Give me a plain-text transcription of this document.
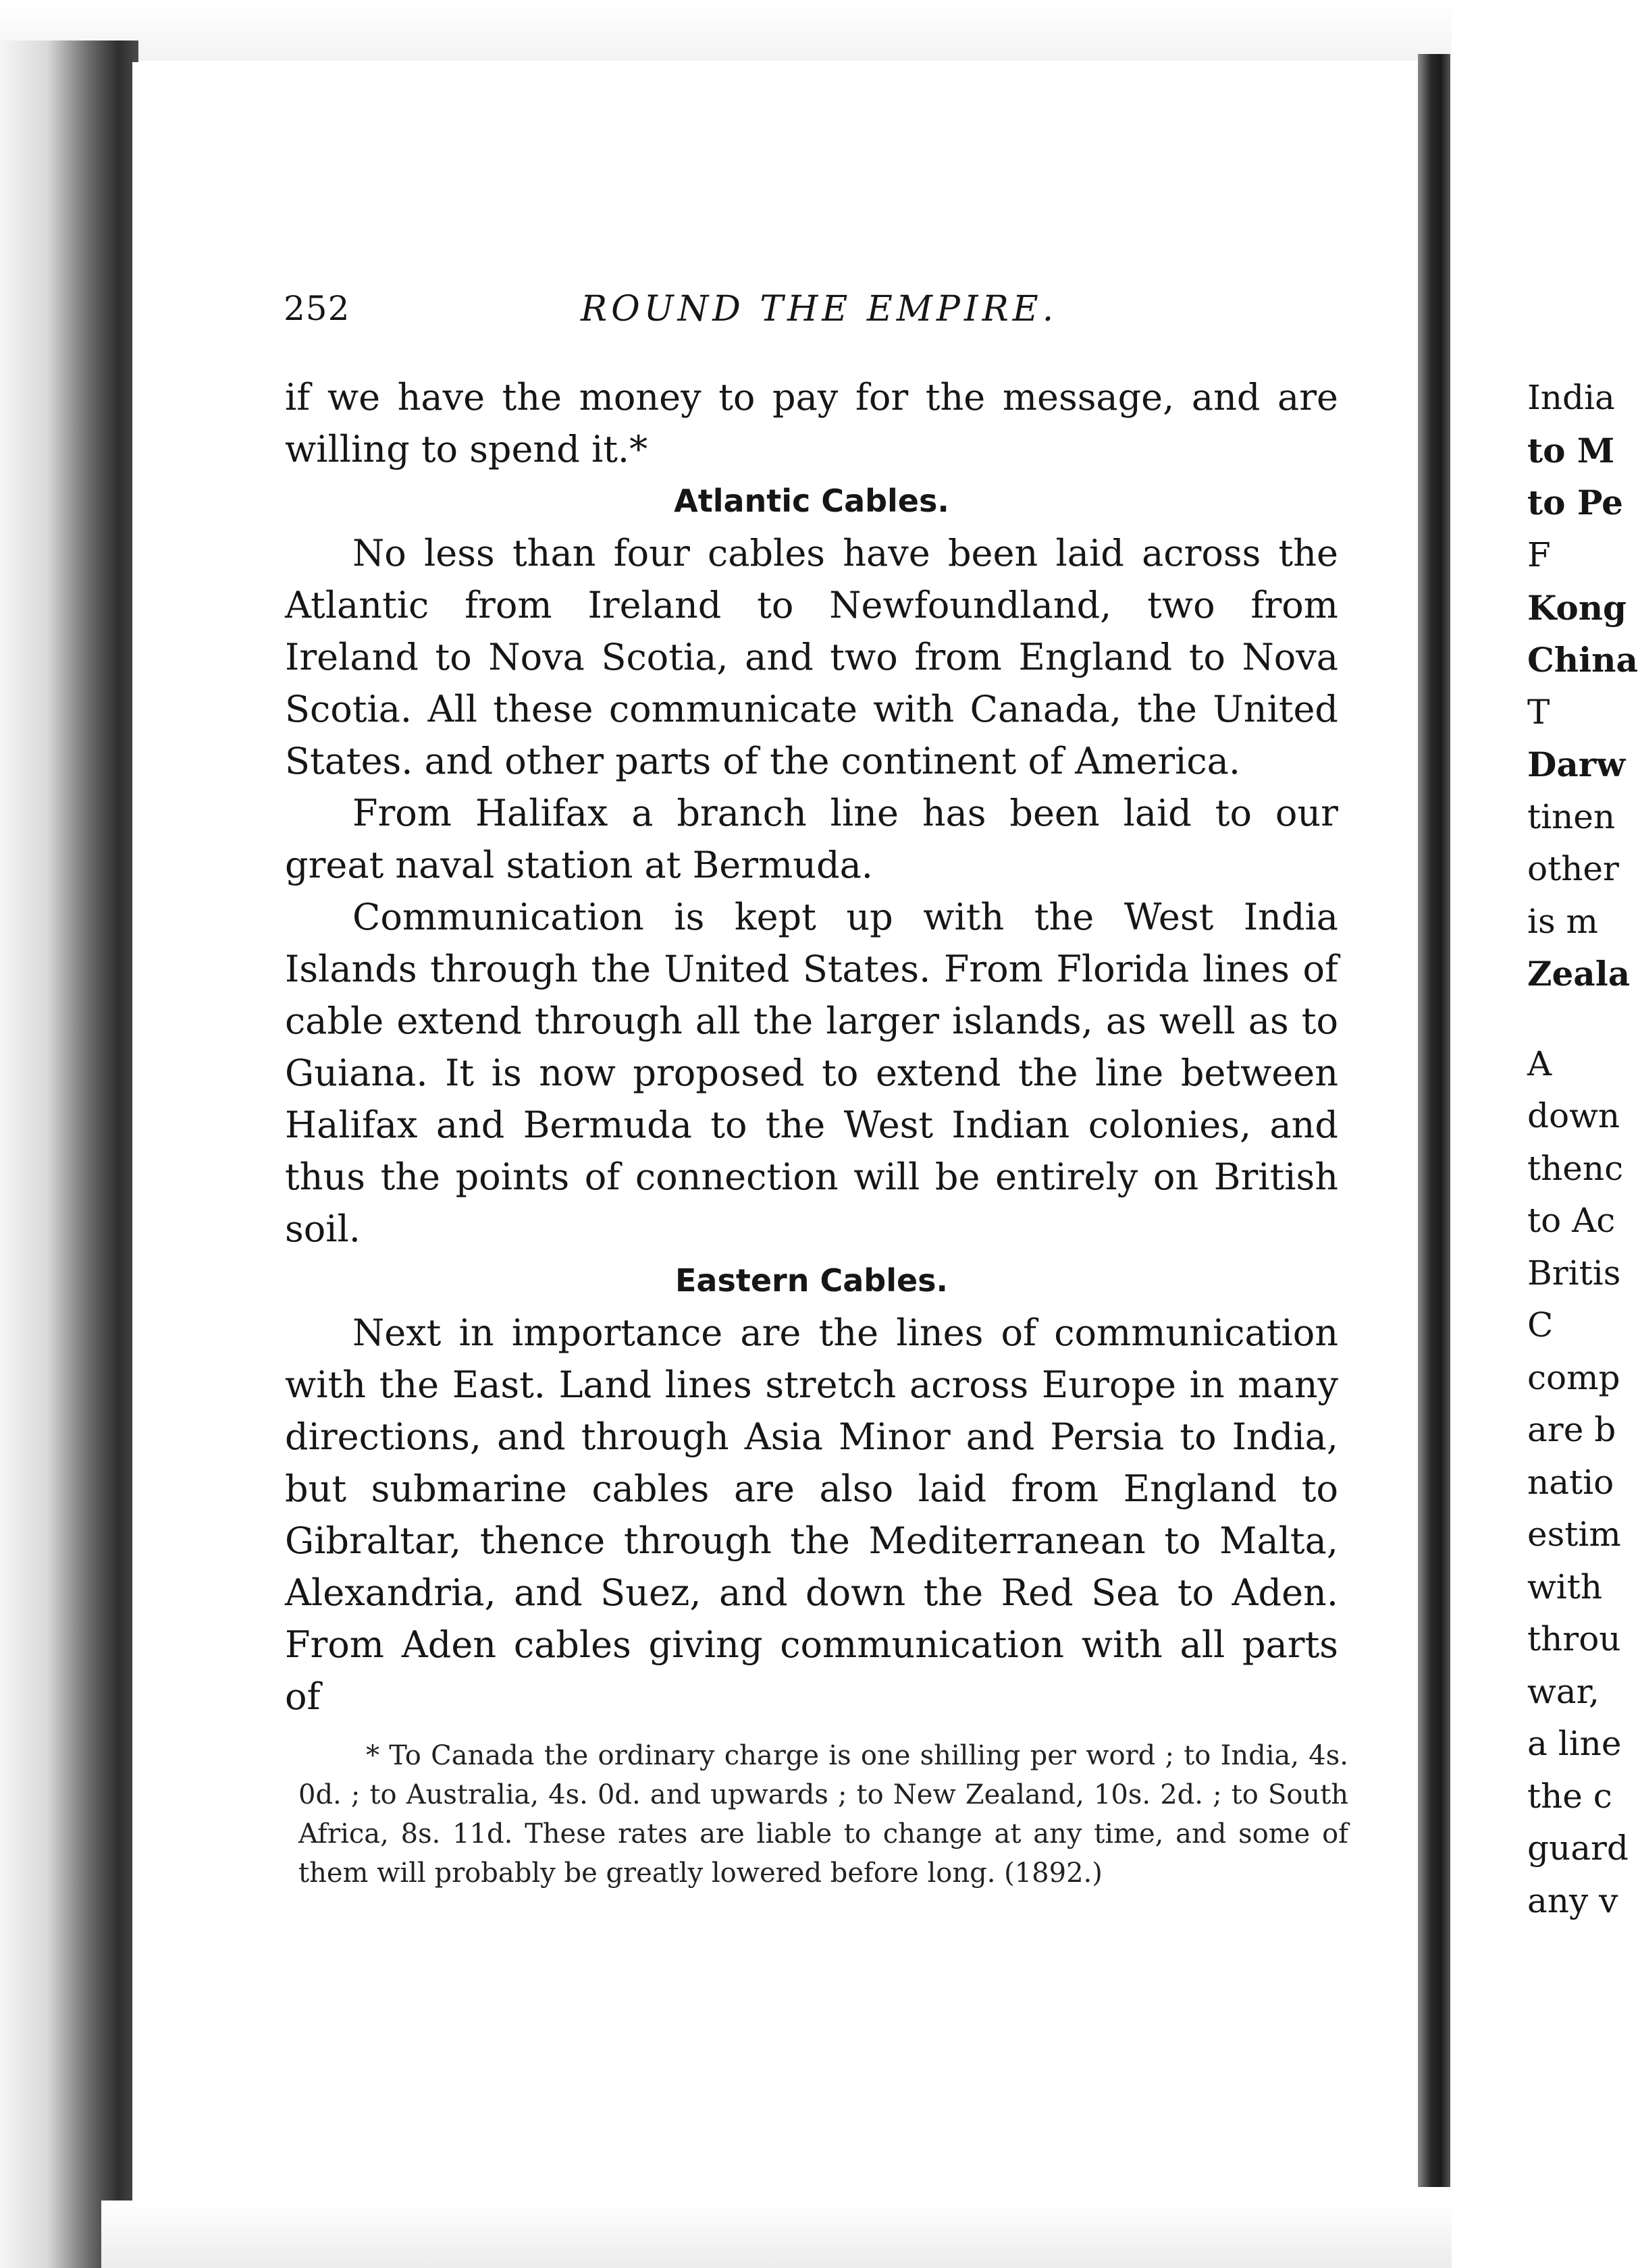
252	ROUND THE EMPIRE.

if we have the money to pay for the message, and are willing to spend it.*

Atlantic Cables.

No less than four cables have been laid across the Atlantic from Ireland to Newfoundland, two from Ireland to Nova Scotia, and two from England to Nova Scotia. All these communicate with Canada, the United States. and other parts of the continent of America.

From Halifax a branch line has been laid to our great naval station at Bermuda.

Communication is kept up with the West India Islands through the United States. From Florida lines of cable extend through all the larger islands, as well as to Guiana. It is now proposed to extend the line between Halifax and Bermuda to the West Indian colonies, and thus the points of connection will be entirely on British soil.

Eastern Cables.

Next in importance are the lines of communication with the East. Land lines stretch across Europe in many directions, and through Asia Minor and Persia to India, but submarine cables are also laid from England to Gibraltar, thence through the Mediterranean to Malta, Alexandria, and Suez, and down the Red Sea to Aden. From Aden cables giving communication with all parts of

* To Canada the ordinary charge is one shilling per word ; to India, 4s. 0d. ; to Australia, 4s. 0d. and upwards ; to New Zealand, 10s. 2d. ; to South Africa, 8s. 11d. These rates are liable to change at any time, and some of them will probably be greatly lowered before long. (1892.)

India
to M
to Pe
F
Kong
China
T
Darw
tinen
other
is m
Zeala
A
down
thenc
to Ac
Britis
C
comp
are b
natio
estim
with
throu
war,
a line
the c
guard
any v
